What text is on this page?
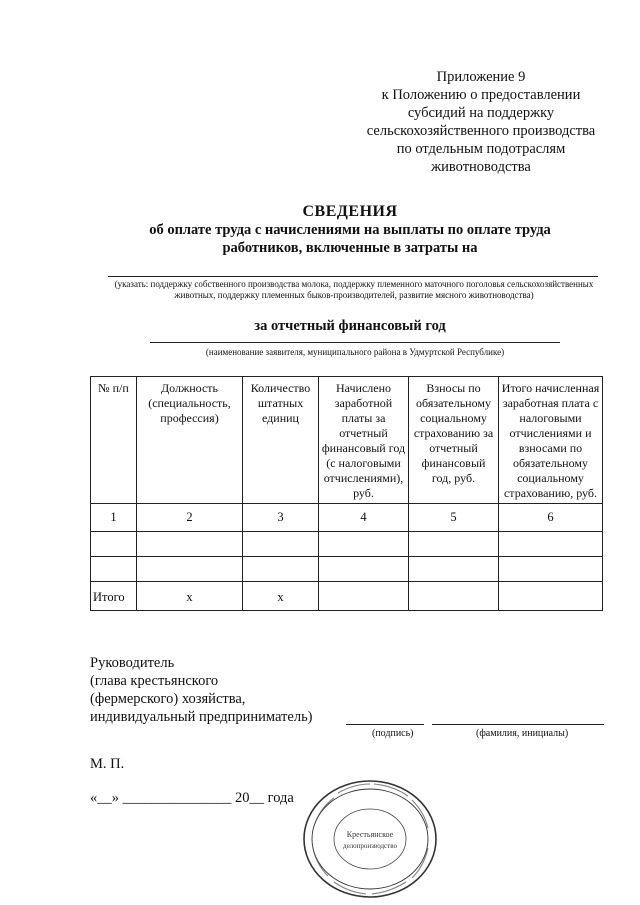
Приложение 9
к Положению о предоставлении
субсидий на поддержку
сельскохозяйственного производства
по отдельным подотраслям
животноводства
СВЕДЕНИЯ
об оплате труда с начислениями на выплаты по оплате труда
работников, включенные в затраты на
(указать: поддержку собственного производства молока, поддержку племенного маточного поголовья сельскохозяйственных животных, поддержку племенных быков-производителей, развитие мясного животноводства)
за отчетный финансовый год
(наименование заявителя, муниципального района в Удмуртской Республике)
№ п/п	Должность (специальность, профессия)	Количество штатных единиц	Начислено заработной платы за отчетный финансовый год (с налоговыми отчислениями), руб.	Взносы по обязательному социальному страхованию за отчетный финансовый год, руб.	Итого начисленная заработная плата с налоговыми отчислениями и взносами по обязательному социальному страхованию, руб.
1	2	3	4	5	6

Итого	х	х			
Руководитель
(глава крестьянского
(фермерского) хозяйства,
индивидуальный предприниматель)
(подпись)	(фамилия, инициалы)
М. П.
«__» _______________ 20__ года
Крестьянское
делопроизводство
